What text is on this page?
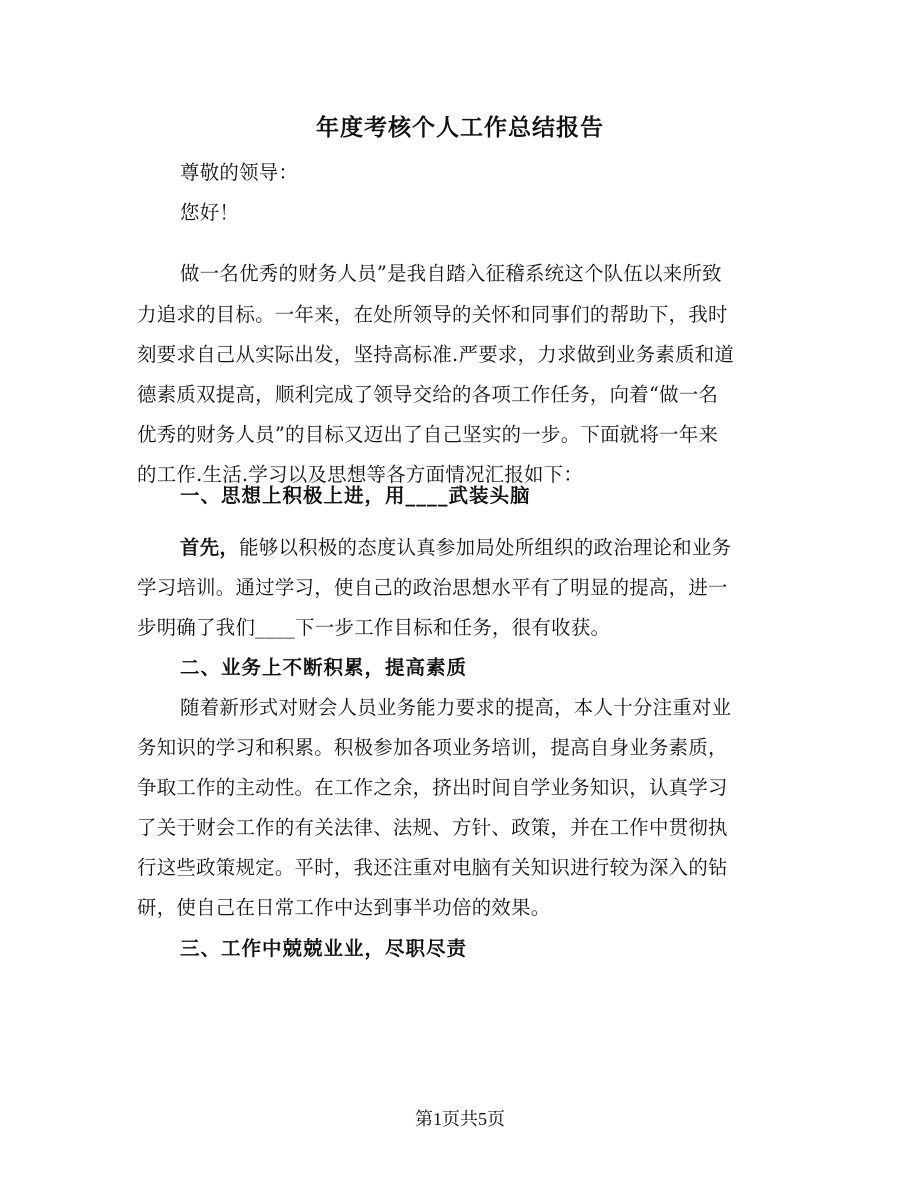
年度考核个人工作总结报告
尊敬的领导：
您好！
做一名优秀的财务人员”是我自踏入征稽系统这个队伍以来所致
力追求的目标。一年来，在处所领导的关怀和同事们的帮助下，我时
刻要求自己从实际出发，坚持高标准.严要求，力求做到业务素质和道
德素质双提高，顺利完成了领导交给的各项工作任务，向着“做一名
优秀的财务人员”的目标又迈出了自己坚实的一步。下面就将一年来
的工作.生活.学习以及思想等各方面情况汇报如下：
一、思想上积极上进，用____武装头脑
首先，能够以积极的态度认真参加局处所组织的政治理论和业务
学习培训。通过学习，使自己的政治思想水平有了明显的提高，进一
步明确了我们____下一步工作目标和任务，很有收获。
二、业务上不断积累，提高素质
随着新形式对财会人员业务能力要求的提高，本人十分注重对业
务知识的学习和积累。积极参加各项业务培训，提高自身业务素质，
争取工作的主动性。在工作之余，挤出时间自学业务知识，认真学习
了关于财会工作的有关法律、法规、方针、政策，并在工作中贯彻执
行这些政策规定。平时，我还注重对电脑有关知识进行较为深入的钻
研，使自己在日常工作中达到事半功倍的效果。
三、工作中兢兢业业，尽职尽责
第1页共5页
